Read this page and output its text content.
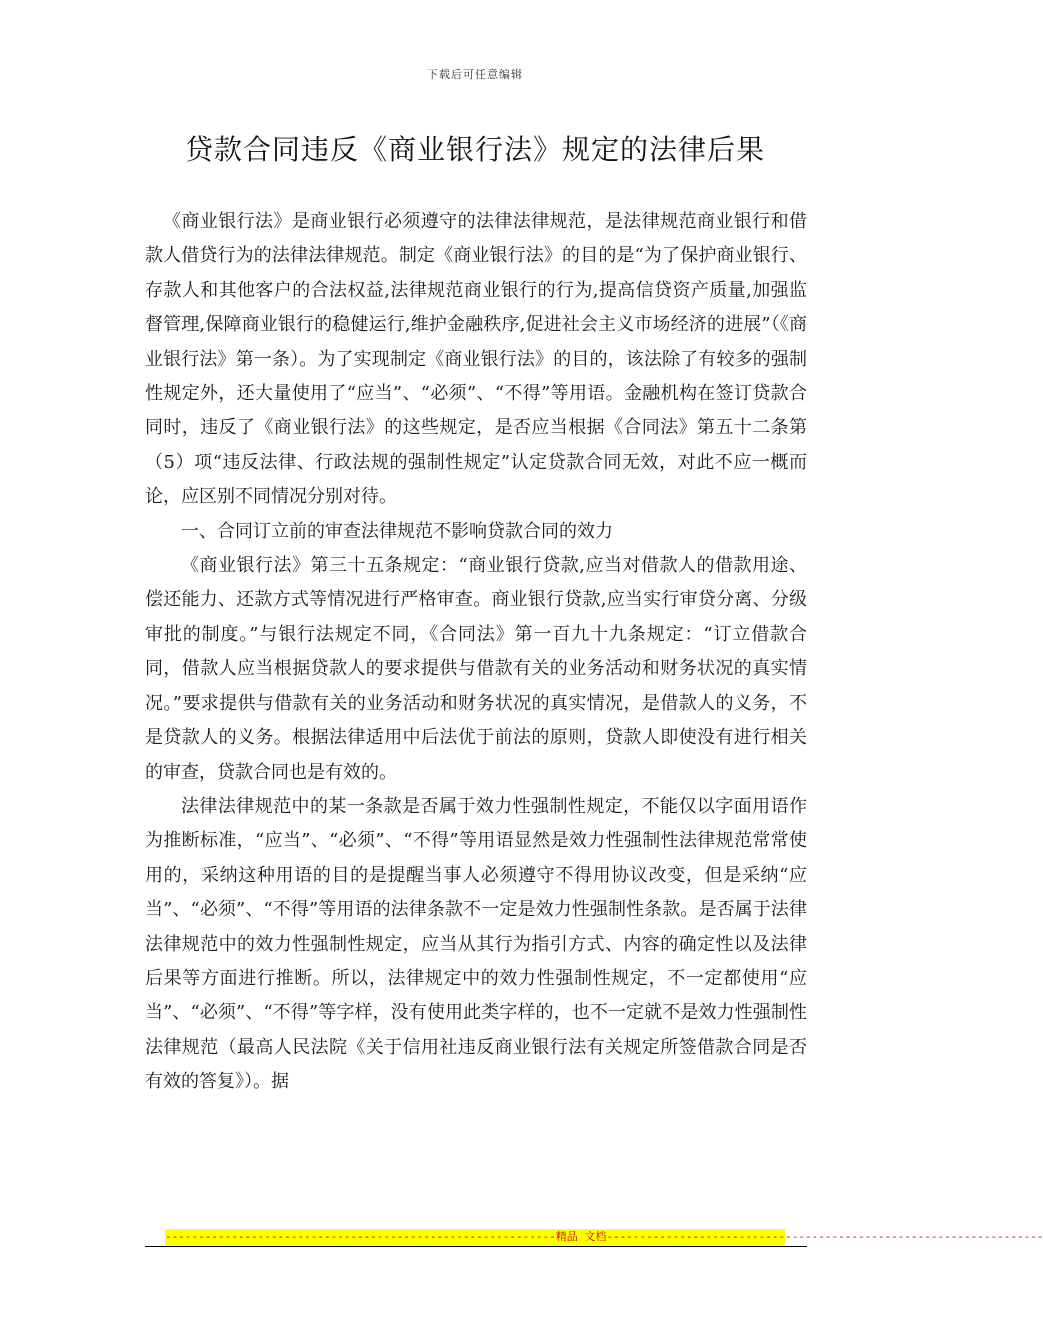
下载后可任意编辑
贷款合同违反《商业银行法》规定的法律后果

《商业银行法》是商业银行必须遵守的法律法律规范，是法律规范商业银行和借款人借贷行为的法律法律规范。制定《商业银行法》的目的是“为了保护商业银行、存款人和其他客户的合法权益,法律规范商业银行的行为,提高信贷资产质量,加强监督管理,保障商业银行的稳健运行,维护金融秩序,促进社会主义市场经济的进展”（《商业银行法》第一条）。为了实现制定《商业银行法》的目的，该法除了有较多的强制性规定外，还大量使用了“应当”、“必须”、“不得”等用语。金融机构在签订贷款合同时，违反了《商业银行法》的这些规定，是否应当根据《合同法》第五十二条第（5）项“违反法律、行政法规的强制性规定”认定贷款合同无效，对此不应一概而论，应区别不同情况分别对待。

一、合同订立前的审查法律规范不影响贷款合同的效力

《商业银行法》第三十五条规定：“商业银行贷款,应当对借款人的借款用途、偿还能力、还款方式等情况进行严格审查。商业银行贷款,应当实行审贷分离、分级审批的制度。”与银行法规定不同，《合同法》第一百九十九条规定：“订立借款合同，借款人应当根据贷款人的要求提供与借款有关的业务活动和财务状况的真实情况。”要求提供与借款有关的业务活动和财务状况的真实情况，是借款人的义务，不是贷款人的义务。根据法律适用中后法优于前法的原则，贷款人即使没有进行相关的审查，贷款合同也是有效的。

法律法律规范中的某一条款是否属于效力性强制性规定，不能仅以字面用语作为推断标准，“应当”、“必须”、“不得”等用语显然是效力性强制性法律规范常常使用的，采纳这种用语的目的是提醒当事人必须遵守不得用协议改变，但是采纳“应当”、“必须”、“不得”等用语的法律条款不一定是效力性强制性条款。是否属于法律法律规范中的效力性强制性规定，应当从其行为指引方式、内容的确定性以及法律后果等方面进行推断。所以，法律规定中的效力性强制性规定，不一定都使用“应当”、“必须”、“不得”等字样，没有使用此类字样的，也不一定就不是效力性强制性法律规范（最高人民法院《关于信用社违反商业银行法有关规定所签借款合同是否有效的答复》）。据

-----------------------------------------------------------精品 文档------------------------------------------------------------------
